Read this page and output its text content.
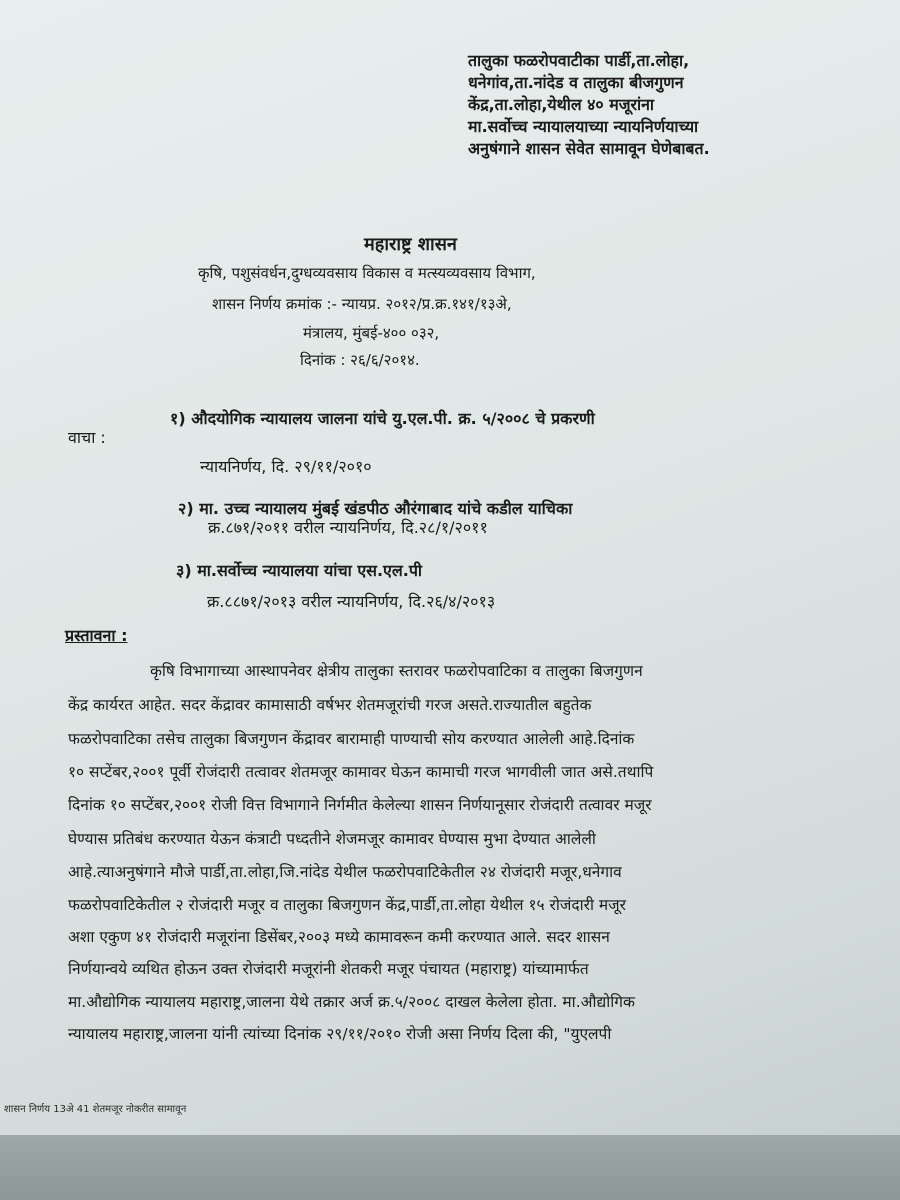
तालुका फळरोपवाटीका पार्डी,ता.लोहा,
धनेगांव,ता.नांदेड व तालुका बीजगुणन
केंद्र,ता.लोहा,येथील ४० मजूरांना
मा.सर्वोच्च न्यायालयाच्या न्यायनिर्णयाच्या
अनुषंगाने शासन सेवेत सामावून घेणेबाबत.
महाराष्ट्र शासन
कृषि, पशुसंवर्धन,दुग्धव्यवसाय विकास व मत्स्यव्यवसाय विभाग,
शासन निर्णय क्रमांक :- न्यायप्र. २०१२/प्र.क्र.१४१/१३अे,
मंत्रालय, मुंबई-४०० ०३२,
दिनांक : २६/६/२०१४.
वाचा :
१) औदयोगिक न्यायालय जालना यांचे यु.एल.पी. क्र. ५/२००८ चे प्रकरणी
न्यायनिर्णय, दि. २९/११/२०१०
२) मा. उच्च न्यायालय मुंबई खंडपीठ औरंगाबाद यांचे कडील याचिका
क्र.८७१/२०११ वरील न्यायनिर्णय, दि.२८/१/२०११
३) मा.सर्वोच्च न्यायालया यांचा एस.एल.पी
क्र.८८७१/२०१३ वरील न्यायनिर्णय, दि.२६/४/२०१३
प्रस्तावना :
कृषि विभागाच्या आस्थापनेवर क्षेत्रीय तालुका स्तरावर फळरोपवाटिका व तालुका बिजगुणन
केंद्र कार्यरत आहेत. सदर केंद्रावर कामासाठी वर्षभर शेतमजूरांची गरज असते.राज्यातील बहुतेक
फळरोपवाटिका तसेच तालुका बिजगुणन केंद्रावर बारामाही पाण्याची सोय करण्यात आलेली आहे.दिनांक
१० सप्टेंबर,२००१ पूर्वी रोजंदारी तत्वावर शेतमजूर कामावर घेऊन कामाची गरज भागवीली जात असे.तथापि
दिनांक १० सप्टेंबर,२००१ रोजी वित्त विभागाने निर्गमीत केलेल्या शासन निर्णयानूसार रोजंदारी तत्वावर मजूर
घेण्यास प्रतिबंध करण्यात येऊन कंत्राटी पध्दतीने शेजमजूर कामावर घेण्यास मुभा देण्यात आलेली
आहे.त्याअनुषंगाने मौजे पार्डी,ता.लोहा,जि.नांदेड येथील फळरोपवाटिकेतील २४ रोजंदारी मजूर,धनेगाव
फळरोपवाटिकेतील २ रोजंदारी मजूर व तालुका बिजगुणन केंद्र,पार्डी,ता.लोहा येथील १५ रोजंदारी मजूर
अशा एकुण ४१ रोजंदारी मजूरांना डिसेंबर,२००३ मध्ये कामावरून कमी करण्यात आले. सदर शासन
निर्णयान्वये व्यथित होऊन उक्त रोजंदारी मजूरांनी शेतकरी मजूर पंचायत (महाराष्ट्र) यांच्यामार्फत
मा.औद्योगिक न्यायालय महाराष्ट्र,जालना येथे तक्रार अर्ज क्र.५/२००८ दाखल केलेला होता. मा.औद्योगिक
न्यायालय महाराष्ट्र,जालना यांनी त्यांच्या दिनांक २९/११/२०१० रोजी असा निर्णय दिला की, "युएलपी
शासन निर्णय 13अे 41 शेतमजूर नोकरीत सामावून
